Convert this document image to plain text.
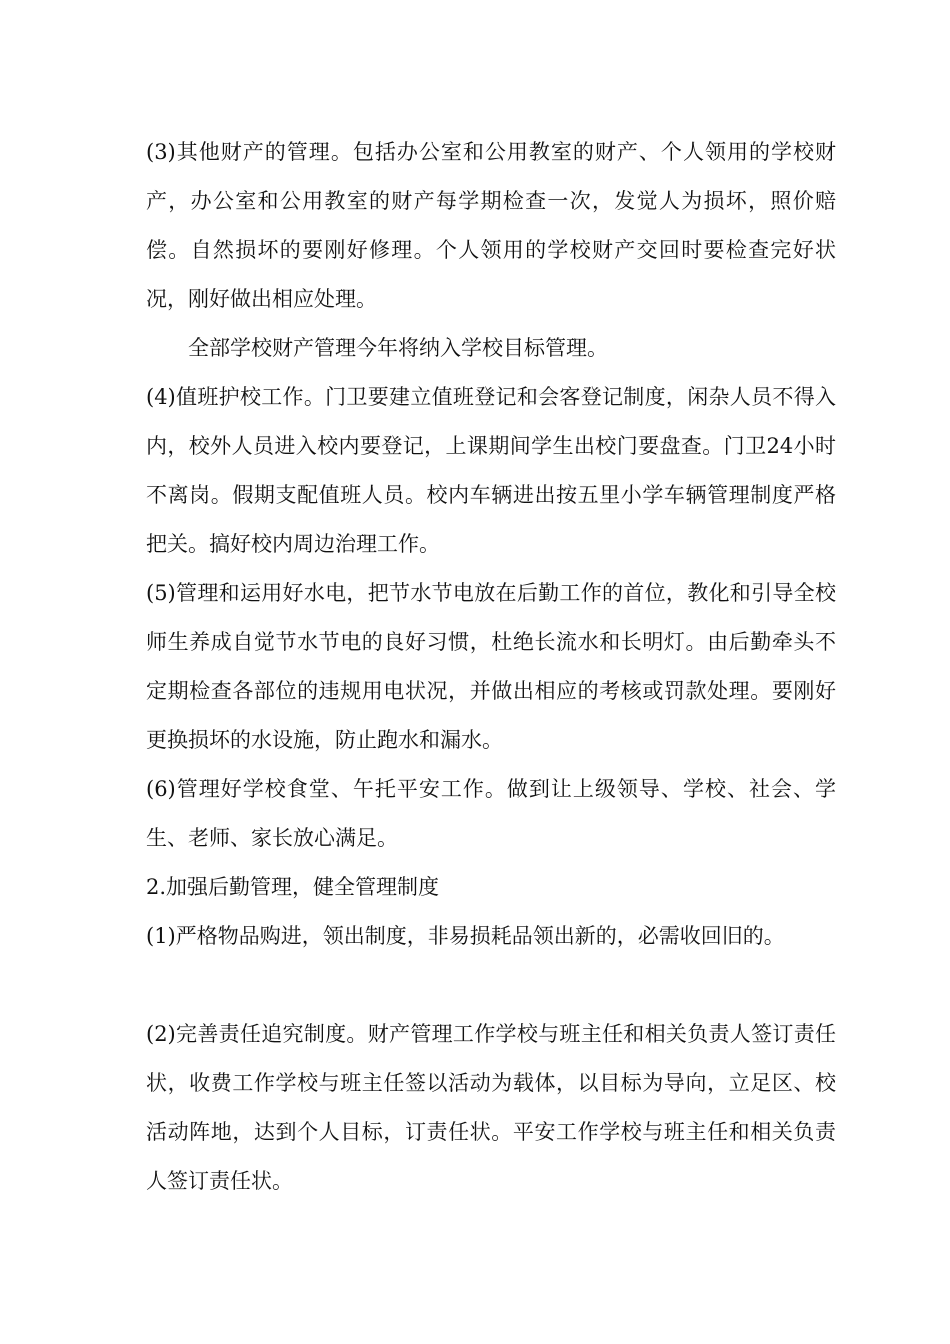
(3)其他财产的管理。包括办公室和公用教室的财产、个人领用的学校财产，办公室和公用教室的财产每学期检查一次，发觉人为损坏，照价赔偿。自然损坏的要刚好修理。个人领用的学校财产交回时要检查完好状况，刚好做出相应处理。

全部学校财产管理今年将纳入学校目标管理。

(4)值班护校工作。门卫要建立值班登记和会客登记制度，闲杂人员不得入内，校外人员进入校内要登记，上课期间学生出校门要盘查。门卫24小时不离岗。假期支配值班人员。校内车辆进出按五里小学车辆管理制度严格把关。搞好校内周边治理工作。

(5)管理和运用好水电，把节水节电放在后勤工作的首位，教化和引导全校师生养成自觉节水节电的良好习惯，杜绝长流水和长明灯。由后勤牵头不定期检查各部位的违规用电状况，并做出相应的考核或罚款处理。要刚好更换损坏的水设施，防止跑水和漏水。

(6)管理好学校食堂、午托平安工作。做到让上级领导、学校、社会、学生、老师、家长放心满足。

2.加强后勤管理，健全管理制度

(1)严格物品购进，领出制度，非易损耗品领出新的，必需收回旧的。

(2)完善责任追究制度。财产管理工作学校与班主任和相关负责人签订责任状，收费工作学校与班主任签以活动为载体，以目标为导向，立足区、校活动阵地，达到个人目标，订责任状。平安工作学校与班主任和相关负责人签订责任状。
